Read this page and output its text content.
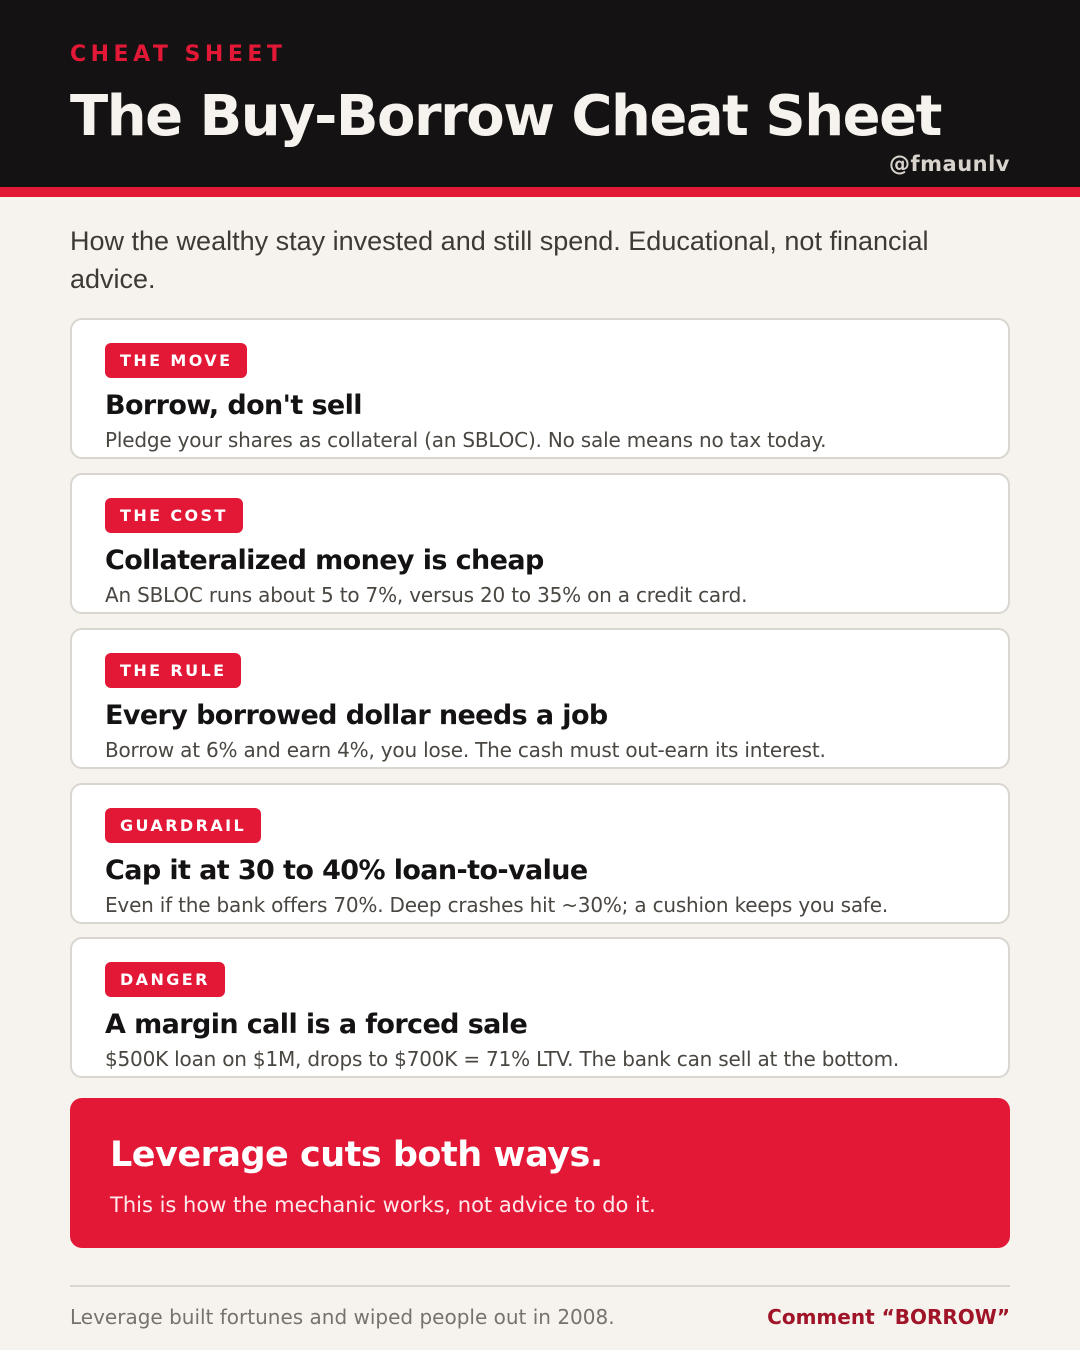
CHEAT SHEET
The Buy-Borrow Cheat Sheet
@fmaunlv
How the wealthy stay invested and still spend. Educational, not financial advice.
THE MOVE
Borrow, don't sell
Pledge your shares as collateral (an SBLOC). No sale means no tax today.
THE COST
Collateralized money is cheap
An SBLOC runs about 5 to 7%, versus 20 to 35% on a credit card.
THE RULE
Every borrowed dollar needs a job
Borrow at 6% and earn 4%, you lose. The cash must out-earn its interest.
GUARDRAIL
Cap it at 30 to 40% loan-to-value
Even if the bank offers 70%. Deep crashes hit ~30%; a cushion keeps you safe.
DANGER
A margin call is a forced sale
$500K loan on $1M, drops to $700K = 71% LTV. The bank can sell at the bottom.
Leverage cuts both ways.
This is how the mechanic works, not advice to do it.
Leverage built fortunes and wiped people out in 2008.	Comment “BORROW”
